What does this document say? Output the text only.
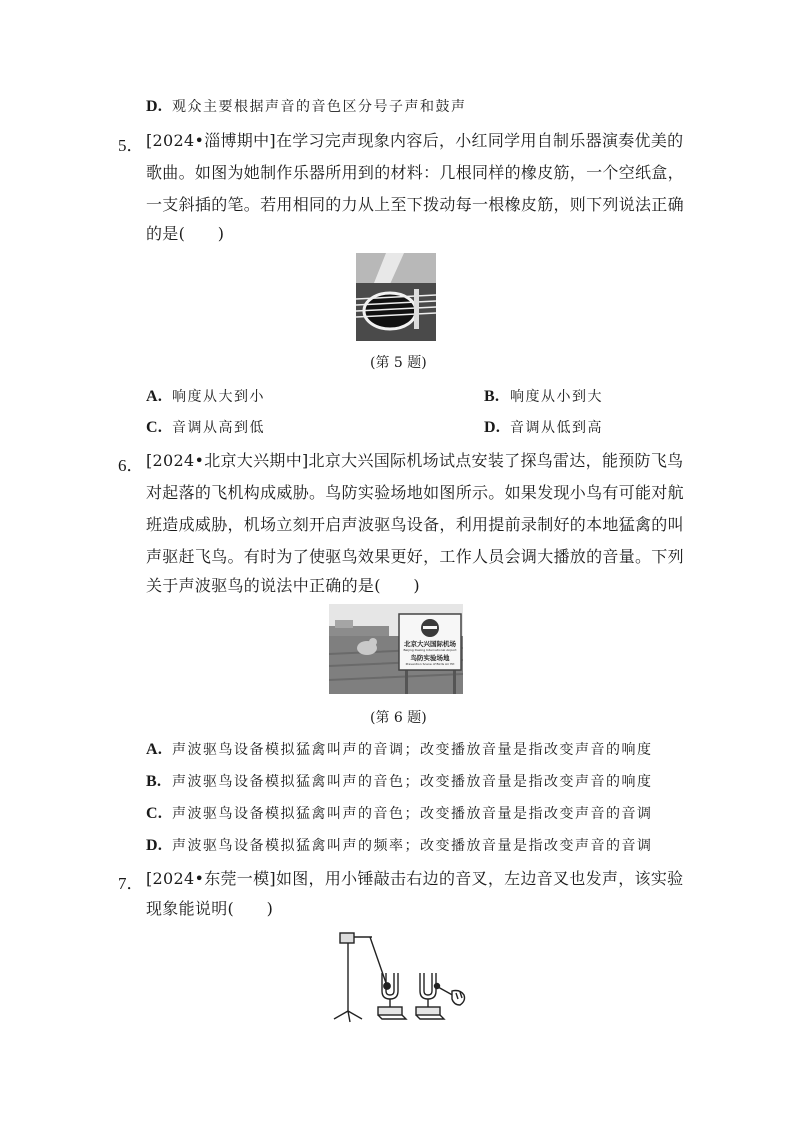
D. 观众主要根据声音的音色区分号子声和鼓声
5． [2024•淄博期中]在学习完声现象内容后，小红同学用自制乐器演奏优美的
歌曲。如图为她制作乐器所用到的材料：几根同样的橡皮筋，一个空纸盒，
一支斜插的笔。若用相同的力从上至下拨动每一根橡皮筋，则下列说法正确
的是(　　)
(第 5 题)
A. 响度从大到小	B. 响度从小到大
C. 音调从高到低	D. 音调从低到高
6． [2024•北京大兴期中]北京大兴国际机场试点安装了探鸟雷达，能预防飞鸟
对起落的飞机构成威胁。鸟防实验场地如图所示。如果发现小鸟有可能对航
班造成威胁，机场立刻开启声波驱鸟设备，利用提前录制好的本地猛禽的叫
声驱赶飞鸟。有时为了使驱鸟效果更好，工作人员会调大播放的音量。下列
关于声波驱鸟的说法中正确的是(　　)
北京大兴国际机场
Beijing Daxing International Airport
鸟防实验场地
Prevention Scene of Birds Air Hit
(第 6 题)
A. 声波驱鸟设备模拟猛禽叫声的音调；改变播放音量是指改变声音的响度
B. 声波驱鸟设备模拟猛禽叫声的音色；改变播放音量是指改变声音的响度
C. 声波驱鸟设备模拟猛禽叫声的音色；改变播放音量是指改变声音的音调
D. 声波驱鸟设备模拟猛禽叫声的频率；改变播放音量是指改变声音的音调
7． [2024•东莞一模]如图，用小锤敲击右边的音叉，左边音叉也发声，该实验
现象能说明(　　)
